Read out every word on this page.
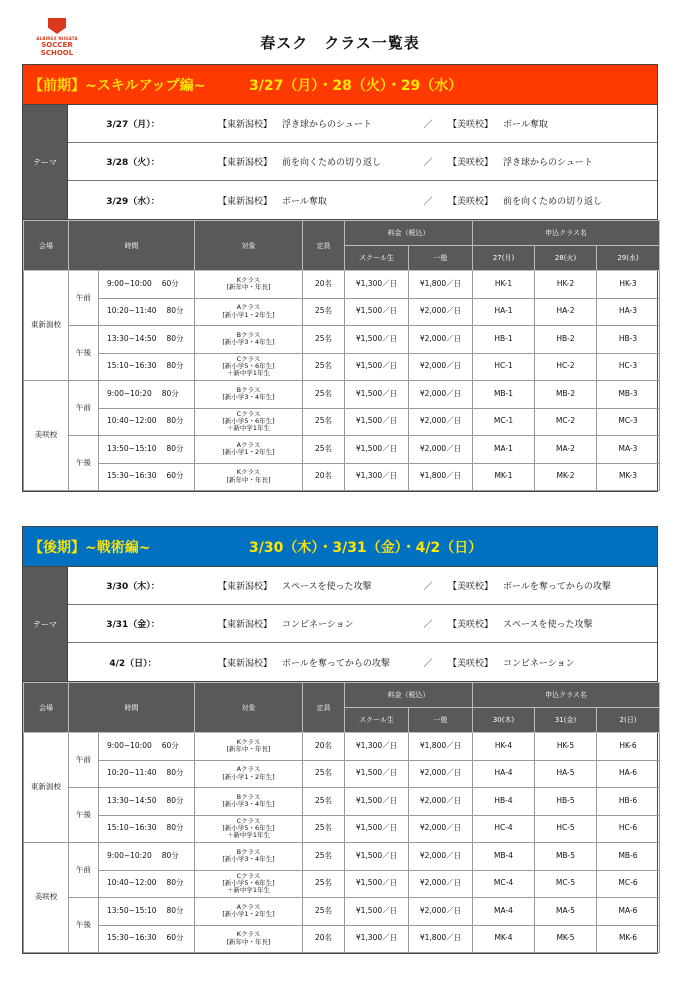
ALBIREX NIIGATA
SOCCER
SCHOOL
春スク　クラス一覧表
【前期】~スキルアップ編~	3/27（月）・28（火）・29（水）
テーマ
3/27（月）：	【東新潟校】	浮き球からのシュート	／	【美咲校】	ボール奪取
3/28（火）：	【東新潟校】	前を向くための切り返し	／	【美咲校】	浮き球からのシュート
3/29（水）：	【東新潟校】	ボール奪取	／	【美咲校】	前を向くための切り返し
会場	時間		対象	定員	料金（税込）		申込クラス名		
					スクール生	一般	27(月)	28(火)	29(水)
東新潟校	午前	9:00~10:00 60分	Kクラス
[新年中・年長]	20名	¥1,300／日	¥1,800／日	HK-1	HK-2	HK-3
		10:20~11:40 80分	Aクラス
[新小学1・2年生]	25名	¥1,500／日	¥2,000／日	HA-1	HA-2	HA-3
	午後	13:30~14:50 80分	Bクラス
[新小学3・4年生]	25名	¥1,500／日	¥2,000／日	HB-1	HB-2	HB-3
		15:10~16:30 80分	Cクラス
[新小学5・6年生]
＋新中学1年生	25名	¥1,500／日	¥2,000／日	HC-1	HC-2	HC-3
美咲校	午前	9:00~10:20 80分	Bクラス
[新小学3・4年生]	25名	¥1,500／日	¥2,000／日	MB-1	MB-2	MB-3
		10:40~12:00 80分	Cクラス
[新小学5・6年生]
＋新中学1年生	25名	¥1,500／日	¥2,000／日	MC-1	MC-2	MC-3
	午後	13:50~15:10 80分	Aクラス
[新小学1・2年生]	25名	¥1,500／日	¥2,000／日	MA-1	MA-2	MA-3
		15:30~16:30 60分	Kクラス
[新年中・年長]	20名	¥1,300／日	¥1,800／日	MK-1	MK-2	MK-3
【後期】~戦術編~	3/30（木）・3/31（金）・4/2（日）
テーマ
3/30（木）：	【東新潟校】	スペースを使った攻撃	／	【美咲校】	ボールを奪ってからの攻撃
3/31（金）：	【東新潟校】	コンビネーション	／	【美咲校】	スペースを使った攻撃
4/2（日）：	【東新潟校】	ボールを奪ってからの攻撃	／	【美咲校】	コンビネーション
会場	時間		対象	定員	料金（税込）		申込クラス名		
					スクール生	一般	30(木)	31(金)	2(日)
東新潟校	午前	9:00~10:00 60分	Kクラス
[新年中・年長]	20名	¥1,300／日	¥1,800／日	HK-4	HK-5	HK-6
		10:20~11:40 80分	Aクラス
[新小学1・2年生]	25名	¥1,500／日	¥2,000／日	HA-4	HA-5	HA-6
	午後	13:30~14:50 80分	Bクラス
[新小学3・4年生]	25名	¥1,500／日	¥2,000／日	HB-4	HB-5	HB-6
		15:10~16:30 80分	Cクラス
[新小学5・6年生]
＋新中学1年生	25名	¥1,500／日	¥2,000／日	HC-4	HC-5	HC-6
美咲校	午前	9:00~10:20 80分	Bクラス
[新小学3・4年生]	25名	¥1,500／日	¥2,000／日	MB-4	MB-5	MB-6
		10:40~12:00 80分	Cクラス
[新小学5・6年生]
＋新中学1年生	25名	¥1,500／日	¥2,000／日	MC-4	MC-5	MC-6
	午後	13:50~15:10 80分	Aクラス
[新小学1・2年生]	25名	¥1,500／日	¥2,000／日	MA-4	MA-5	MA-6
		15:30~16:30 60分	Kクラス
[新年中・年長]	20名	¥1,300／日	¥1,800／日	MK-4	MK-5	MK-6
